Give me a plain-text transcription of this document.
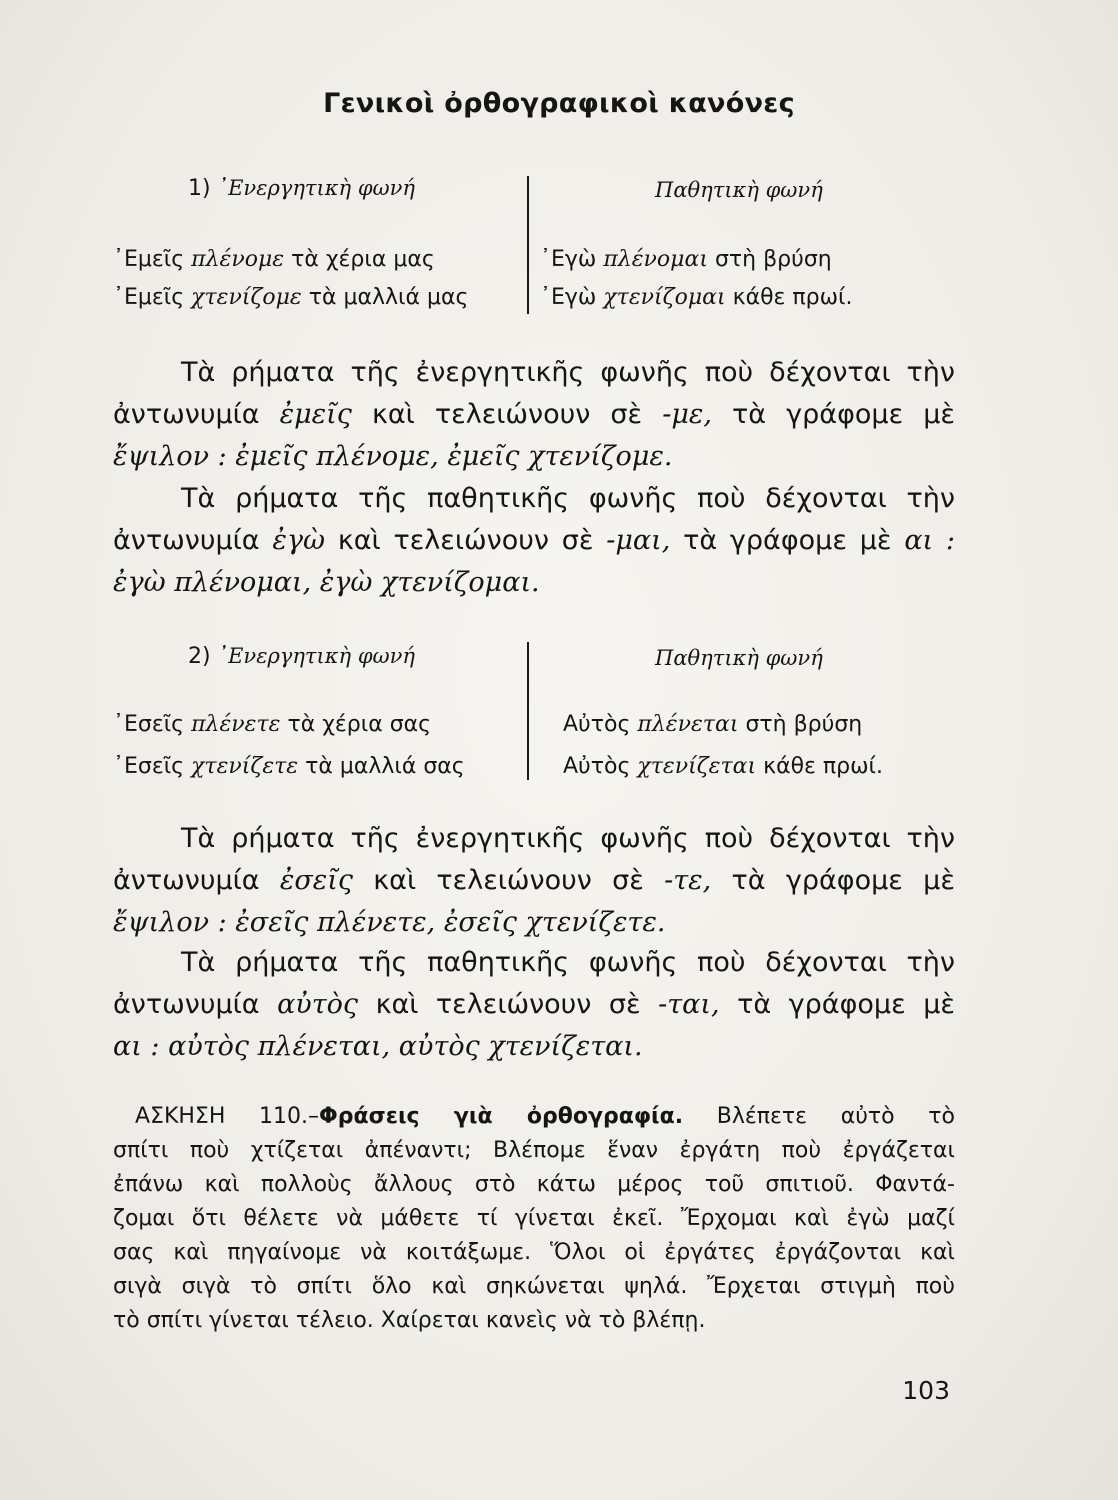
Γενικοὶ ὀρθογραφικοὶ κανόνες
1) ᾿Ενεργητικὴ φωνή	Παθητικὴ φωνή
᾿Εμεῖς πλένομε τὰ χέρια μας
᾿Εμεῖς χτενίζομε τὰ μαλλιά μας
᾿Εγὼ πλένομαι στὴ βρύση
᾿Εγὼ χτενίζομαι κάθε πρωί.
Τὰ ρήματα τῆς ἐνεργητικῆς φωνῆς ποὺ δέχονται τὴν
ἀντωνυμία ἐμεῖς καὶ τελειώνουν σὲ -με, τὰ γράφομε μὲ
ἔψιλον : ἐμεῖς πλένομε, ἐμεῖς χτενίζομε.
Τὰ ρήματα τῆς παθητικῆς φωνῆς ποὺ δέχονται τὴν
ἀντωνυμία ἐγὼ καὶ τελειώνουν σὲ -μαι, τὰ γράφομε μὲ αι :
ἐγὼ πλένομαι, ἐγὼ χτενίζομαι.
2) ᾿Ενεργητικὴ φωνή	Παθητικὴ φωνή
᾿Εσεῖς πλένετε τὰ χέρια σας
᾿Εσεῖς χτενίζετε τὰ μαλλιά σας
Αὐτὸς πλένεται στὴ βρύση
Αὐτὸς χτενίζεται κάθε πρωί.
Τὰ ρήματα τῆς ἐνεργητικῆς φωνῆς ποὺ δέχονται τὴν
ἀντωνυμία ἐσεῖς καὶ τελειώνουν σὲ -τε, τὰ γράφομε μὲ
ἔψιλον : ἐσεῖς πλένετε, ἐσεῖς χτενίζετε.
Τὰ ρήματα τῆς παθητικῆς φωνῆς ποὺ δέχονται τὴν
ἀντωνυμία αὐτὸς καὶ τελειώνουν σὲ -ται, τὰ γράφομε μὲ
αι : αὐτὸς πλένεται, αὐτὸς χτενίζεται.
ΑΣΚΗΣΗ 110.–Φράσεις γιὰ ὀρθογραφία. Βλέπετε αὐτὸ τὸ
σπίτι ποὺ χτίζεται ἀπέναντι; Βλέπομε ἕναν ἐργάτη ποὺ ἐργάζεται
ἐπάνω καὶ πολλοὺς ἄλλους στὸ κάτω μέρος τοῦ σπιτιοῦ. Φαντά-
ζομαι ὅτι θέλετε νὰ μάθετε τί γίνεται ἐκεῖ. Ἔρχομαι καὶ ἐγὼ μαζί
σας καὶ πηγαίνομε νὰ κοιτάξωμε. Ὅλοι οἱ ἐργάτες ἐργάζονται καὶ
σιγὰ σιγὰ τὸ σπίτι ὅλο καὶ σηκώνεται ψηλά. Ἔρχεται στιγμὴ ποὺ
τὸ σπίτι γίνεται τέλειο. Χαίρεται κανεὶς νὰ τὸ βλέπῃ.
103
